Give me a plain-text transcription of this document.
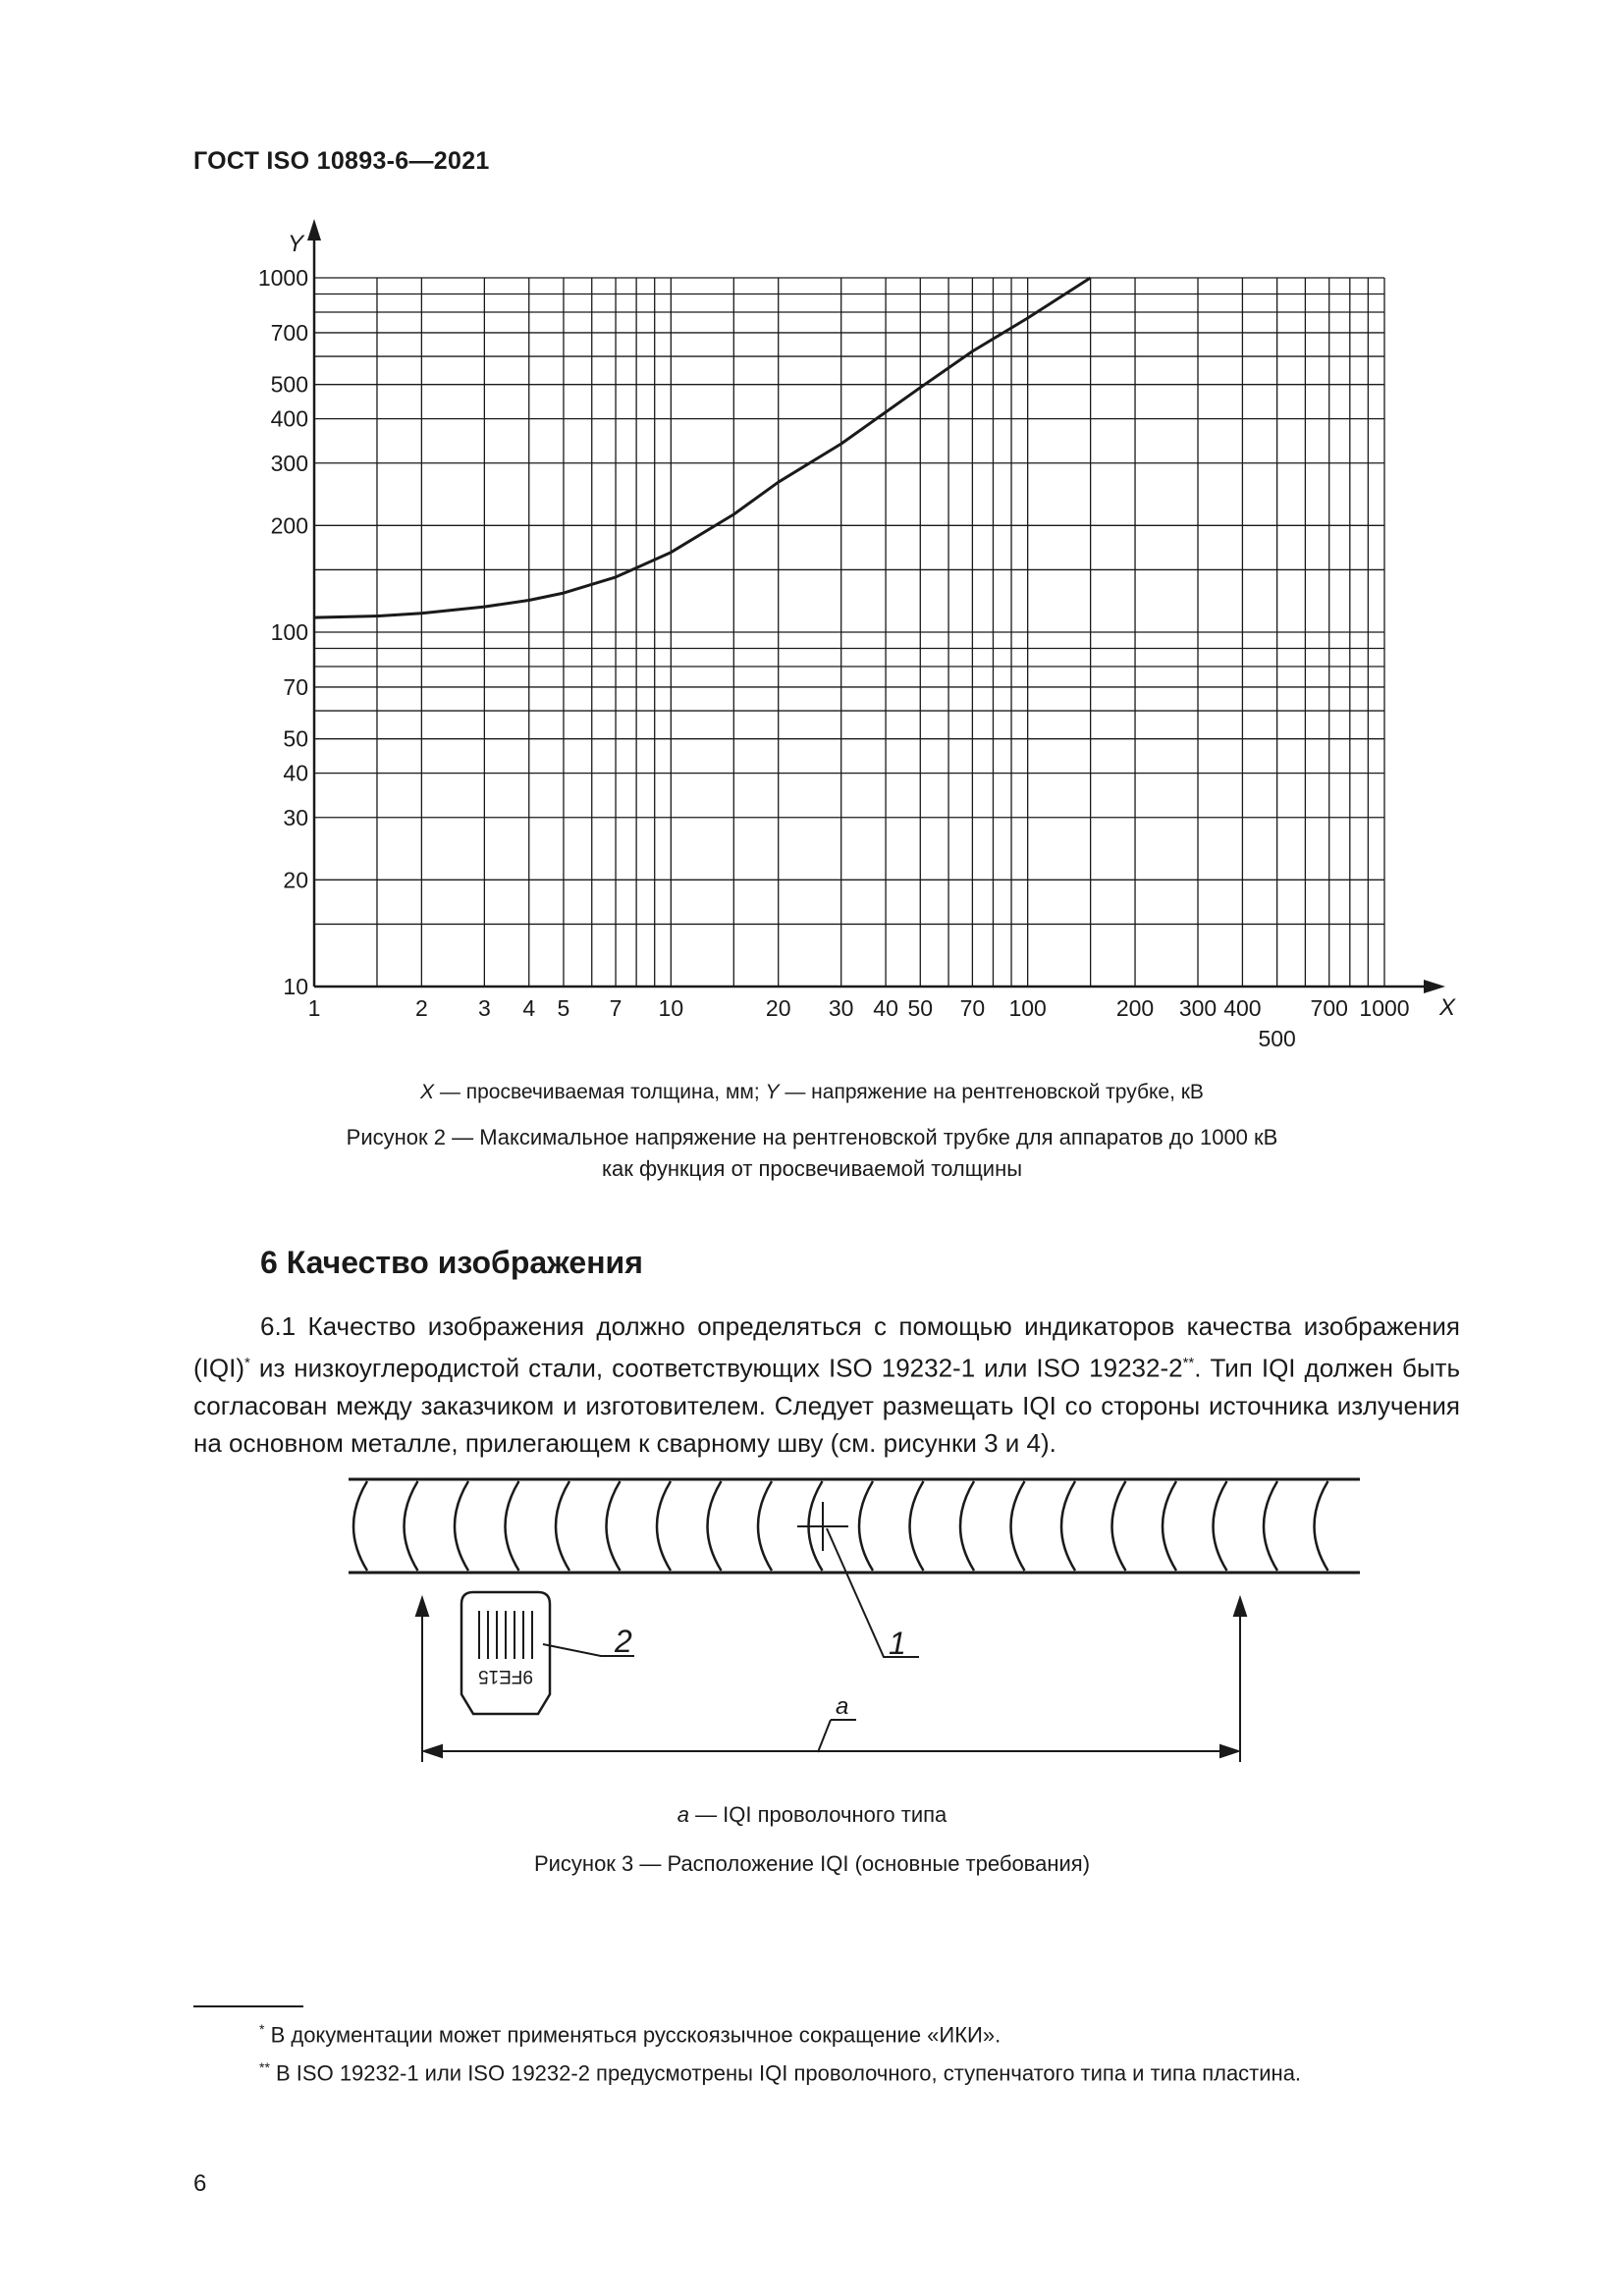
ГОСТ ISO 10893-6—2021
10
20
30
40
50
70
100
200
300
400
500
700
1000
1	2 3 4 5 7 10	20 30 40 50 70 100	200 300 400
500
700 1000
Y
X
X — просвечиваемая толщина, мм; Y — напряжение на рентгеновской трубке, кВ
Рисунок 2 — Максимальное напряжение на рентгеновской трубке для аппаратов до 1000 кВ
как функция от просвечиваемой толщины
6 Качество изображения

6.1 Качество изображения должно определяться с помощью индикаторов качества изображения (IQI)* из низкоуглеродистой стали, соответствующих ISO 19232-1 или ISO 19232-2**. Тип IQI должен быть согласован между заказчиком и изготовителем. Следует размещать IQI со стороны источника излучения на основном металле, прилегающем к сварному шву (см. рисунки 3 и 4).

1
9FE15
2
a
a — IQI проволочного типа
Рисунок 3 — Расположение IQI (основные требования)
* В документации может применяться русскоязычное сокращение «ИКИ».
** В ISO 19232-1 или ISO 19232-2 предусмотрены IQI проволочного, ступенчатого типа и типа пластина.
6
